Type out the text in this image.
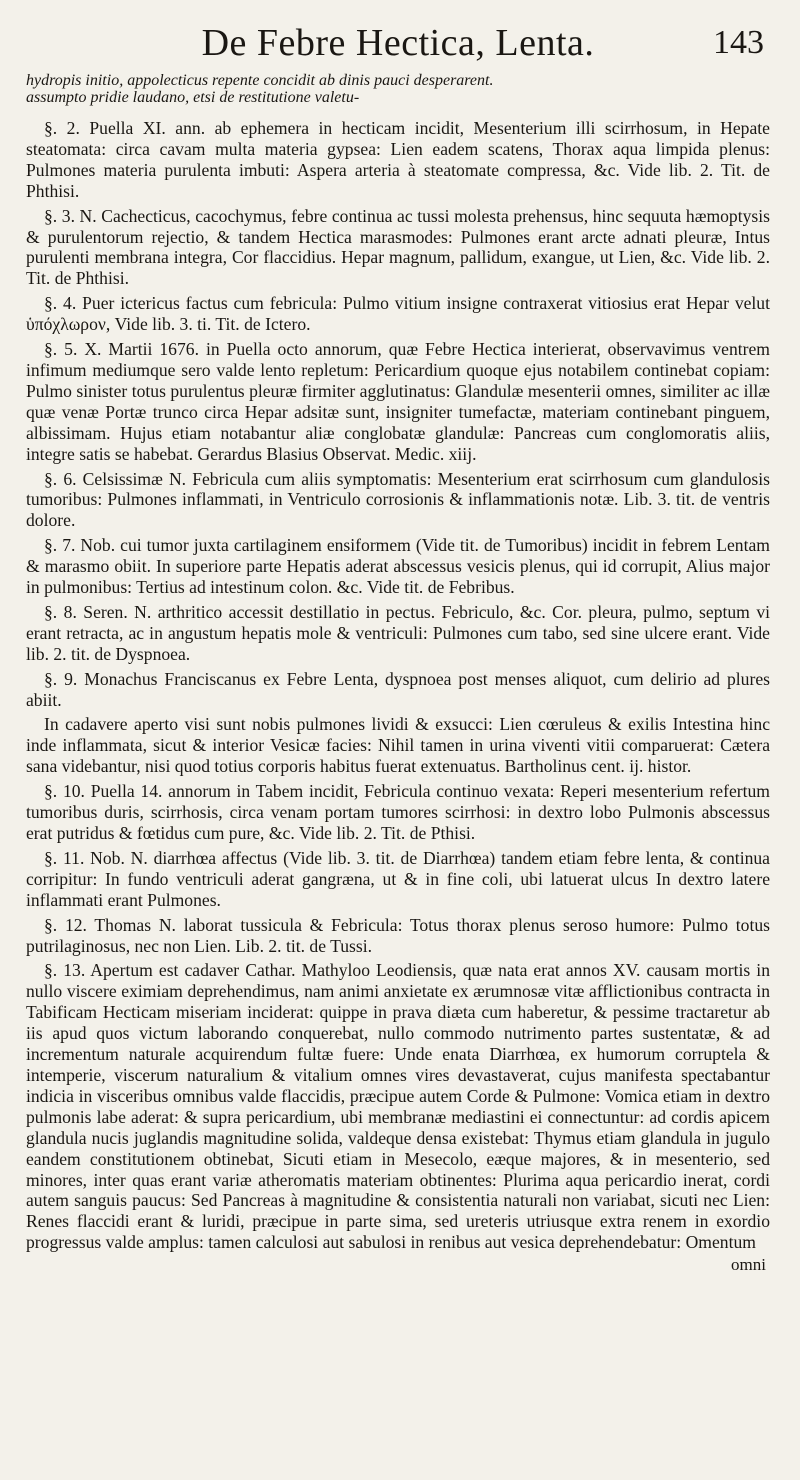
De Febre Hectica, Lenta.	143
hydropis initio, appolecticus repente concidit ab dinis pauci desperarent.
assumpto pridie laudano, etsi de restitutione valetu-

§. 2. Puella XI. ann. ab ephemera in hecticam incidit, Mesenterium illi scirrhosum, in Hepate steatomata: circa cavam multa materia gypsea: Lien eadem scatens, Thorax aqua limpida plenus: Pulmones materia purulenta imbuti: Aspera arteria à steatomate compressa, &c. Vide lib. 2. Tit. de Phthisi.

§. 3. N. Cachecticus, cacochymus, febre continua ac tussi molesta prehensus, hinc sequuta hæmoptysis & purulentorum rejectio, & tandem Hectica marasmodes: Pulmones erant arcte adnati pleuræ, Intus purulenti membrana integra, Cor flaccidius. Hepar magnum, pallidum, exangue, ut Lien, &c. Vide lib. 2. Tit. de Phthisi.

§. 4. Puer ictericus factus cum febricula: Pulmo vitium insigne contraxerat vitiosius erat Hepar velut ὑπόχλωρον, Vide lib. 3. ti. Tit. de Ictero.

§. 5. X. Martii 1676. in Puella octo annorum, quæ Febre Hectica interierat, observavimus ventrem infimum mediumque sero valde lento repletum: Pericardium quoque ejus notabilem continebat copiam: Pulmo sinister totus purulentus pleuræ firmiter agglutinatus: Glandulæ mesenterii omnes, similiter ac illæ quæ venæ Portæ trunco circa Hepar adsitæ sunt, insigniter tumefactæ, materiam continebant pinguem, albissimam. Hujus etiam notabantur aliæ conglobatæ glandulæ: Pancreas cum conglomoratis aliis, integre satis se habebat. Gerardus Blasius Observat. Medic. xiij.

§. 6. Celsissimæ N. Febricula cum aliis symptomatis: Mesenterium erat scirrhosum cum glandulosis tumoribus: Pulmones inflammati, in Ventriculo corrosionis & inflammationis notæ. Lib. 3. tit. de ventris dolore.

§. 7. Nob. cui tumor juxta cartilaginem ensiformem (Vide tit. de Tumoribus) incidit in febrem Lentam & marasmo obiit. In superiore parte Hepatis aderat abscessus vesicis plenus, qui id corrupit, Alius major in pulmonibus: Tertius ad intestinum colon. &c. Vide tit. de Febribus.

§. 8. Seren. N. arthritico accessit destillatio in pectus. Febriculo, &c. Cor. pleura, pulmo, septum vi erant retracta, ac in angustum hepatis mole & ventriculi: Pulmones cum tabo, sed sine ulcere erant. Vide lib. 2. tit. de Dyspnoea.

§. 9. Monachus Franciscanus ex Febre Lenta, dyspnoea post menses aliquot, cum delirio ad plures abiit.

In cadavere aperto visi sunt nobis pulmones lividi & exsucci: Lien cœruleus & exilis Intestina hinc inde inflammata, sicut & interior Vesicæ facies: Nihil tamen in urina viventi vitii comparuerat: Cætera sana videbantur, nisi quod totius corporis habitus fuerat extenuatus. Bartholinus cent. ij. histor.

§. 10. Puella 14. annorum in Tabem incidit, Febricula continuo vexata: Reperi mesenterium refertum tumoribus duris, scirrhosis, circa venam portam tumores scirrhosi: in dextro lobo Pulmonis abscessus erat putridus & fœtidus cum pure, &c. Vide lib. 2. Tit. de Pthisi.

§. 11. Nob. N. diarrhœa affectus (Vide lib. 3. tit. de Diarrhœa) tandem etiam febre lenta, & continua corripitur: In fundo ventriculi aderat gangræna, ut & in fine coli, ubi latuerat ulcus In dextro latere inflammati erant Pulmones.

§. 12. Thomas N. laborat tussicula & Febricula: Totus thorax plenus seroso humore: Pulmo totus putrilaginosus, nec non Lien. Lib. 2. tit. de Tussi.

§. 13. Apertum est cadaver Cathar. Mathyloo Leodiensis, quæ nata erat annos XV. causam mortis in nullo viscere eximiam deprehendimus, nam animi anxietate ex ærumnosæ vitæ afflictionibus contracta in Tabificam Hecticam miseriam inciderat: quippe in prava diæta cum haberetur, & pessime tractaretur ab iis apud quos victum laborando conquerebat, nullo commodo nutrimento partes sustentatæ, & ad incrementum naturale acquirendum fultæ fuere: Unde enata Diarrhœa, ex humorum corruptela & intemperie, viscerum naturalium & vitalium omnes vires devastaverat, cujus manifesta spectabantur indicia in visceribus omnibus valde flaccidis, præcipue autem Corde & Pulmone: Vomica etiam in dextro pulmonis labe aderat: & supra pericardium, ubi membranæ mediastini ei connectuntur: ad cordis apicem glandula nucis juglandis magnitudine solida, valdeque densa existebat: Thymus etiam glandula in jugulo eandem constitutionem obtinebat, Sicuti etiam in Mesecolo, eæque majores, & in mesenterio, sed minores, inter quas erant variæ atheromatis materiam obtinentes: Plurima aqua pericardio inerat, cordi autem sanguis paucus: Sed Pancreas à magnitudine & consistentia naturali non variabat, sicuti nec Lien: Renes flaccidi erant & luridi, præcipue in parte sima, sed ureteris utriusque extra renem in exordio progressus valde amplus: tamen calculosi aut sabulosi in renibus aut vesica deprehendebatur: Omentum

omni
